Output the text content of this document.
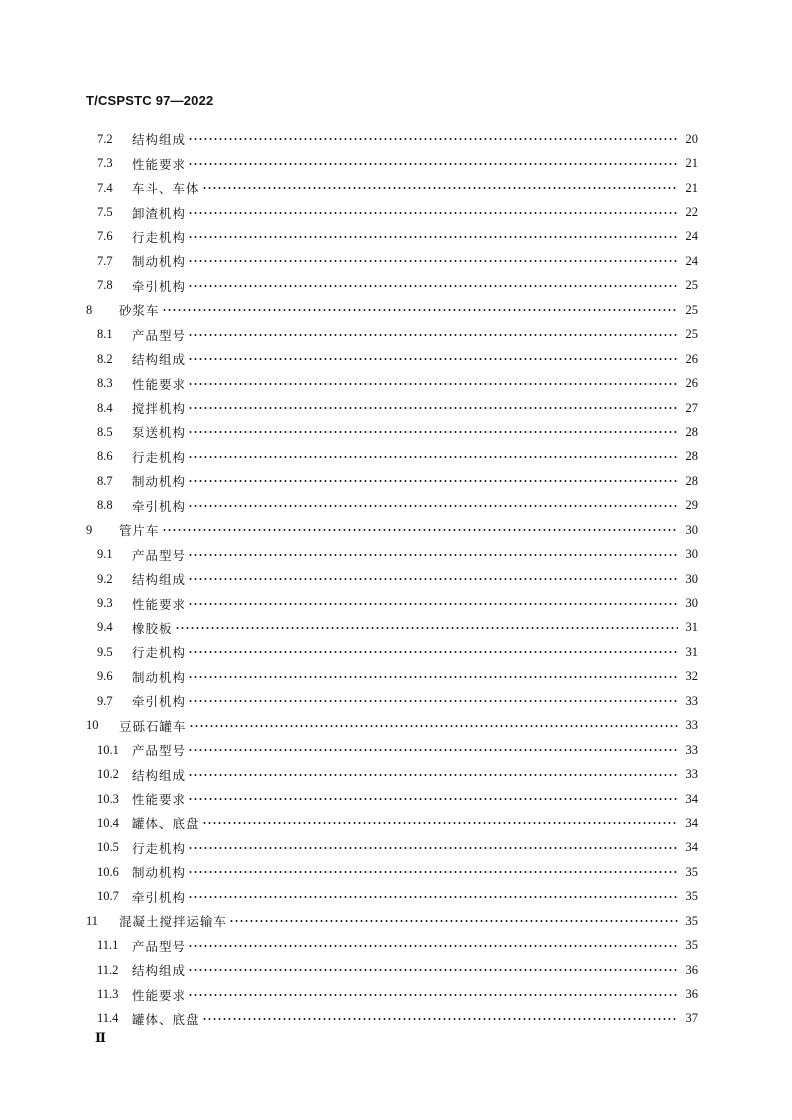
T/CSPSTC 97—2022
7.2	结构组成	20
7.3	性能要求	21
7.4	车斗、车体	21
7.5	卸渣机构	22
7.6	行走机构	24
7.7	制动机构	24
7.8	牵引机构	25
8	砂浆车	25
8.1	产品型号	25
8.2	结构组成	26
8.3	性能要求	26
8.4	搅拌机构	27
8.5	泵送机构	28
8.6	行走机构	28
8.7	制动机构	28
8.8	牵引机构	29
9	管片车	30
9.1	产品型号	30
9.2	结构组成	30
9.3	性能要求	30
9.4	橡胶板	31
9.5	行走机构	31
9.6	制动机构	32
9.7	牵引机构	33
10	豆砾石罐车	33
10.1	产品型号	33
10.2	结构组成	33
10.3	性能要求	34
10.4	罐体、底盘	34
10.5	行走机构	34
10.6	制动机构	35
10.7	牵引机构	35
11	混凝土搅拌运输车	35
11.1	产品型号	35
11.2	结构组成	36
11.3	性能要求	36
11.4	罐体、底盘	37
Ⅱ
